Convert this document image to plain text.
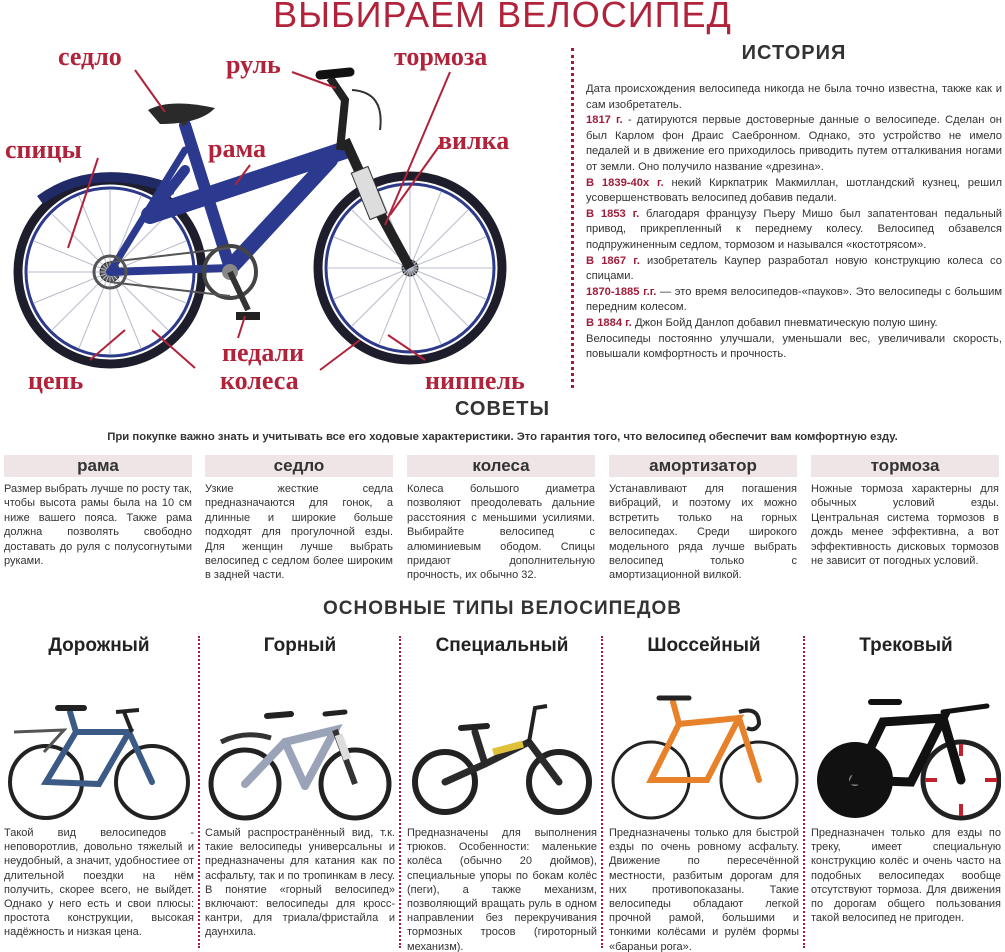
ВЫБИРАЕМ ВЕЛОСИПЕД
седло	руль	тормоза
спицы	рама	вилка
педали
цепь	колеса	ниппель
ИСТОРИЯ

Дата происхождения велосипеда никогда не была точно известна, также как и сам изобретатель.

1817 г. - датируются первые достоверные данные о велосипеде. Сделан он был Карлом фон Драис Саебронном. Однако, это устройство не имело педалей и в движение его приходилось приводить путем отталкивания ногами от земли. Оно получило название «дрезина».

В 1839-40х г. некий Киркпатрик Макмиллан, шотландский кузнец, решил усовершенствовать велосипед добавив педали.

В 1853 г. благодаря французу Пьеру Мишо был запатентован педальный привод, прикрепленный к переднему колесу. Велосипед обзавелся подпружиненным седлом, тормозом и назывался «костотрясом».

В 1867 г. изобретатель Каупер разработал новую конструкцию колеса со спицами.

1870-1885 г.г. — это время велосипедов-«пауков». Это велосипеды с большим передним колесом.

В 1884 г. Джон Бойд Данлоп добавил пневматическую полую шину.

Велосипеды постоянно улучшали, уменьшали вес, увеличивали скорость, повышали комфортность и прочность.

СОВЕТЫ
При покупке важно знать и учитывать все его ходовые характеристики. Это гарантия того, что велосипед обеспечит вам комфортную езду.
рама
Размер выбрать лучше по росту так, чтобы высота рамы была на 10 см ниже вашего пояса. Также рама должна позволять свободно доставать до руля с полусогнутыми руками.
седло
Узкие жесткие седла предназначаются для гонок, а длинные и широкие больше подходят для прогулочной езды. Для женщин лучше выбрать велосипед с седлом более широким в задней части.
колеса
Колеса большого диаметра позволяют преодолевать дальние расстояния с меньшими усилиями. Выбирайте велосипед с алюминиевым ободом. Спицы придают дополнительную прочность, их обычно 32.
амортизатор
Устанавливают для погашения вибраций, и поэтому их можно встретить только на горных велосипедах. Среди широкого модельного ряда лучше выбрать велосипед только с амортизационной вилкой.
тормоза
Ножные тормоза характерны для обычных условий езды. Центральная система тормозов в дождь менее эффективна, а вот эффективность дисковых тормозов не зависит от погодных условий.
ОСНОВНЫЕ ТИПЫ ВЕЛОСИПЕДОВ
Дорожный
Такой вид велосипедов - неповоротлив, довольно тяжелый и неудобный, а значит, удобностиее от длительной поездки на нём получить, скорее всего, не выйдет. Однако у него есть и свои плюсы: простота конструкции, высокая надёжность и низкая цена.
Горный
Самый распространённый вид, т.к. такие велосипеды универсальны и предназначены для катания как по асфальту, так и по тропинкам в лесу. В понятие «горный велосипед» включают: велосипеды для кросс-кантри, для триала/фристайла и даунхила.
Специальный
Предназначены для выполнения трюков. Особенности: маленькие колёса (обычно 20 дюймов), специальные упоры по бокам колёс (пеги), а также механизм, позволяющий вращать руль в одном направлении без перекручивания тормозных тросов (гироторный механизм).
Шоссейный
Предназначены только для быстрой езды по очень ровному асфальту. Движение по пересечённой местности, разбитым дорогам для них противопоказаны. Такие велосипеды обладают легкой прочной рамой, большими и тонкими колёсами и рулём формы «бараньи рога».
Трековый
Предназначен только для езды по треку, имеет специальную конструкцию колёс и очень часто на подобных велосипедах вообще отсутствуют тормоза. Для движения по дорогам общего пользования такой велосипед не пригоден.
